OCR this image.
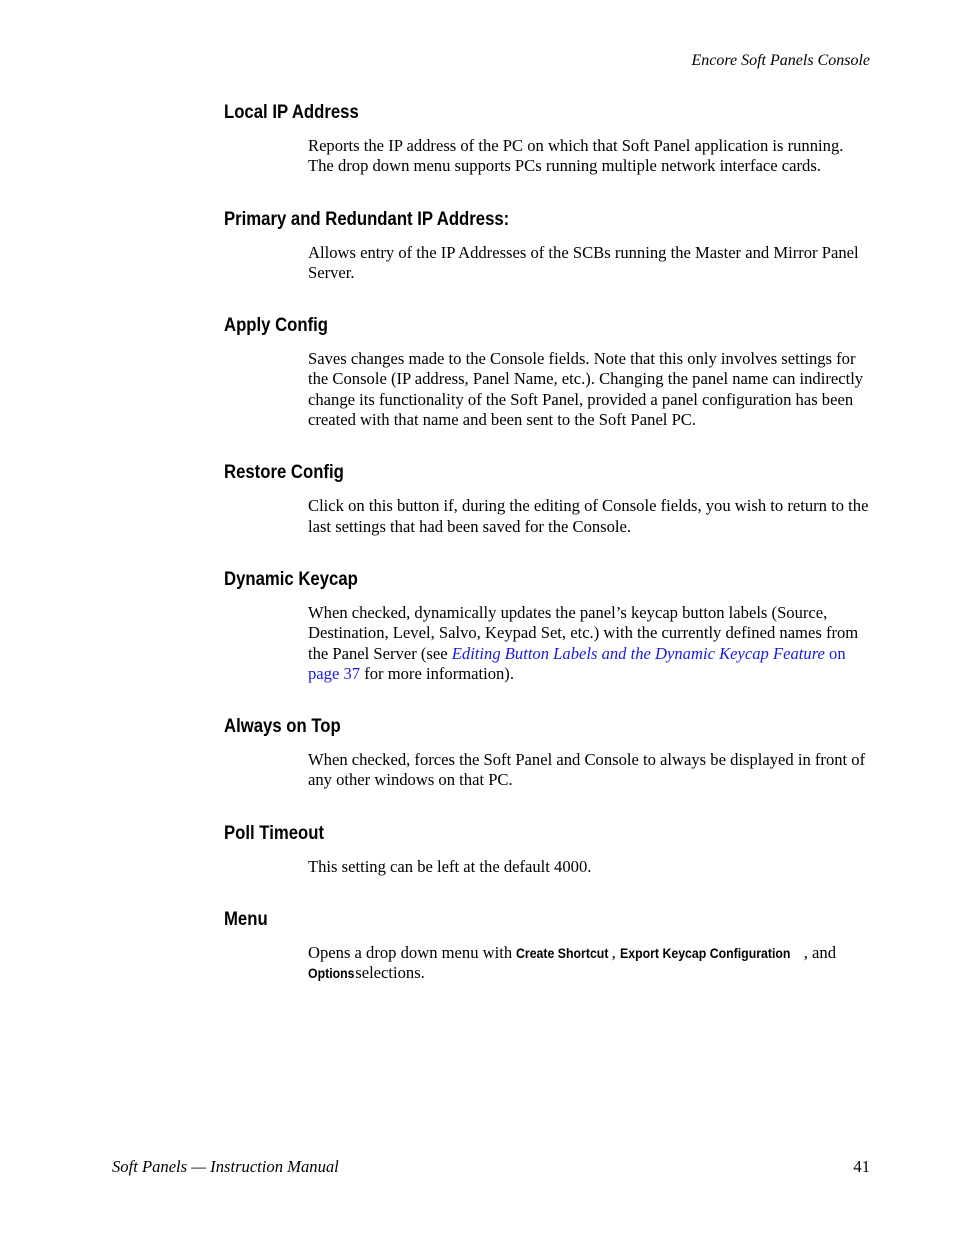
Encore Soft Panels Console
Local IP Address

Reports the IP address of the PC on which that Soft Panel application is running. The drop down menu supports PCs running multiple network interface cards.

Primary and Redundant IP Address:

Allows entry of the IP Addresses of the SCBs running the Master and Mirror Panel Server.

Apply Config

Saves changes made to the Console fields. Note that this only involves settings for the Console (IP address, Panel Name, etc.). Changing the panel name can indirectly change its functionality of the Soft Panel, provided a panel configuration has been created with that name and been sent to the Soft Panel PC.

Restore Config

Click on this button if, during the editing of Console fields, you wish to return to the last settings that had been saved for the Console.

Dynamic Keycap

When checked, dynamically updates the panel’s keycap button labels (Source, Destination, Level, Salvo, Keypad Set, etc.) with the currently defined names from the Panel Server (see Editing Button Labels and the Dynamic Keycap Feature on page 37 for more information).

Always on Top

When checked, forces the Soft Panel and Console to always be displayed in front of any other windows on that PC.

Poll Timeout

This setting can be left at the default 4000.

Menu

Opens a drop down menu with Create Shortcut , Export Keycap Configuration , and Options selections.

Soft Panels — Instruction Manual	41
